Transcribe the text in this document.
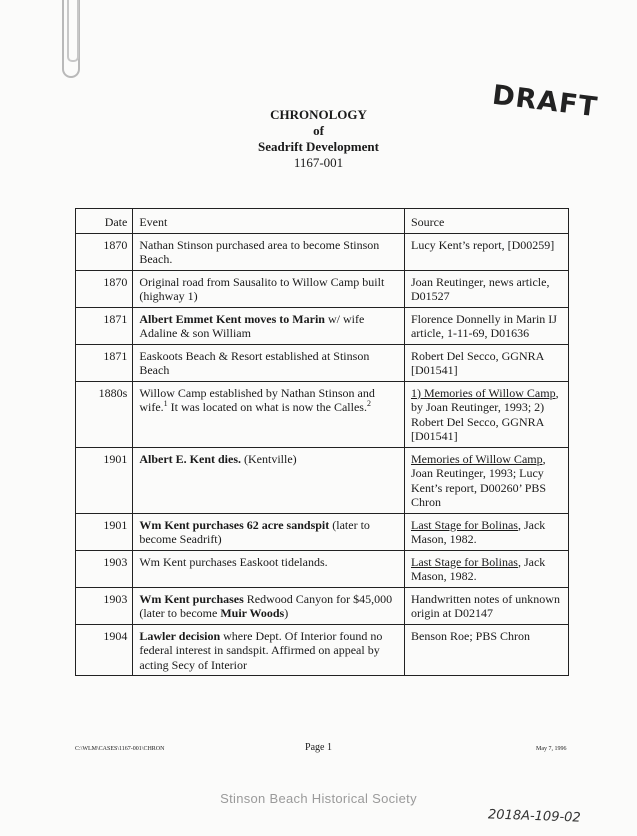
DRAFT
CHRONOLOGY
of
Seadrift Development
1167-001
Date	Event	Source
1870	Nathan Stinson purchased area to become Stinson Beach.	Lucy Kent’s report, [D00259]
1870	Original road from Sausalito to Willow Camp built (highway 1)	Joan Reutinger, news article, D01527
1871	Albert Emmet Kent moves to Marin w/ wife Adaline & son William	Florence Donnelly in Marin IJ article, 1-11-69, D01636
1871	Easkoots Beach & Resort established at Stinson Beach	Robert Del Secco, GGNRA [D01541]
1880s	Willow Camp established by Nathan Stinson and wife.$^1$ It was located on what is now the Calles.$^2$	1) Memories of Willow Camp, by Joan Reutinger, 1993; 2) Robert Del Secco, GGNRA [D01541]
1901	Albert E. Kent dies. (Kentville)	Memories of Willow Camp, Joan Reutinger, 1993; Lucy Kent’s report, D00260’ PBS Chron
1901	Wm Kent purchases 62 acre sandspit (later to become Seadrift)	Last Stage for Bolinas, Jack Mason, 1982.
1903	Wm Kent purchases Easkoot tidelands.	Last Stage for Bolinas, Jack Mason, 1982.
1903	Wm Kent purchases Redwood Canyon for $45,000 (later to become Muir Woods)	Handwritten notes of unknown origin at D02147
1904	Lawler decision where Dept. Of Interior found no federal interest in sandspit. Affirmed on appeal by acting Secy of Interior	Benson Roe; PBS Chron
C:\WLM\CASES\1167-001\CHRON	Page 1	May 7, 1996
Stinson Beach Historical Society
2018A-109-02
